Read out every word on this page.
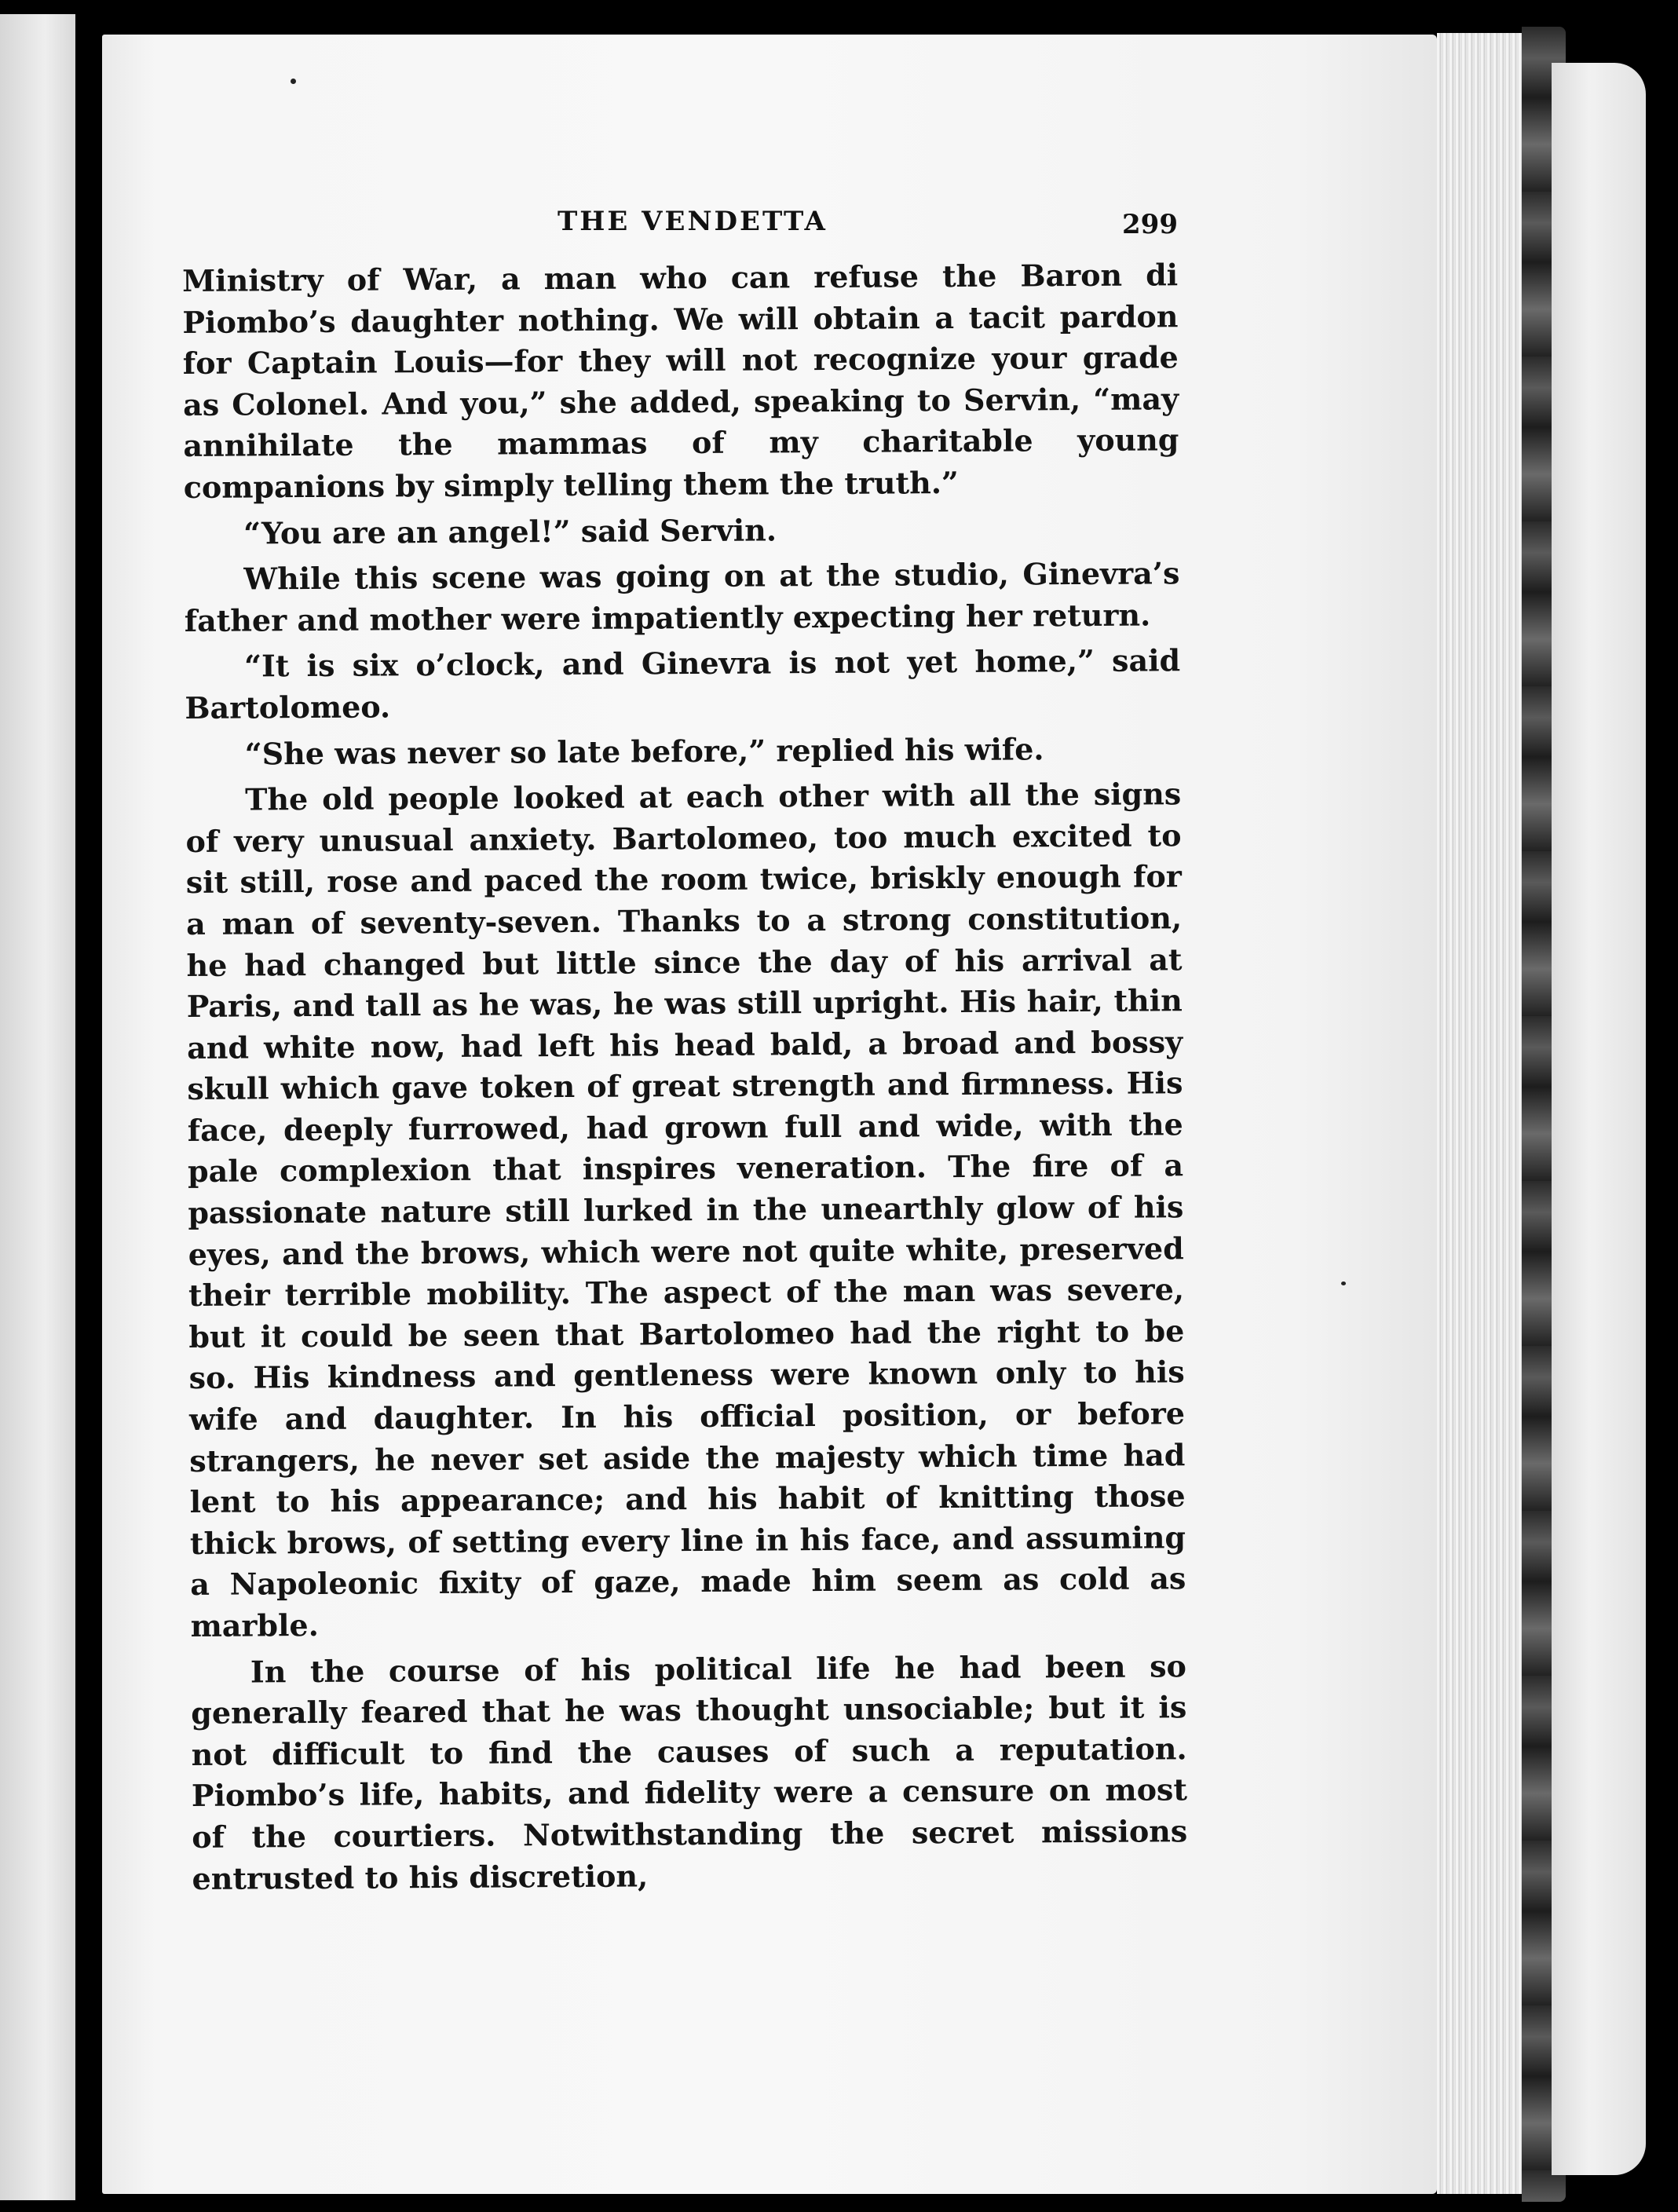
THE VENDETTA	299

Ministry of War, a man who can refuse the Baron di Piombo’s daughter nothing. We will obtain a tacit pardon for Captain Louis—for they will not recognize your grade as Colonel. And you,” she added, speaking to Servin, “may annihilate the mammas of my charitable young companions by simply telling them the truth.”

“You are an angel!” said Servin.

While this scene was going on at the studio, Ginevra’s father and mother were impatiently expecting her return.

“It is six o’clock, and Ginevra is not yet home,” said Bartolomeo.

“She was never so late before,” replied his wife.

The old people looked at each other with all the signs of very unusual anxiety. Bartolomeo, too much excited to sit still, rose and paced the room twice, briskly enough for a man of seventy-seven. Thanks to a strong constitution, he had changed but little since the day of his arrival at Paris, and tall as he was, he was still upright. His hair, thin and white now, had left his head bald, a broad and bossy skull which gave token of great strength and firmness. His face, deeply furrowed, had grown full and wide, with the pale complexion that inspires veneration. The fire of a passionate nature still lurked in the unearthly glow of his eyes, and the brows, which were not quite white, preserved their terrible mobility. The aspect of the man was severe, but it could be seen that Bartolomeo had the right to be so. His kindness and gentleness were known only to his wife and daughter. In his official position, or before strangers, he never set aside the majesty which time had lent to his appearance; and his habit of knitting those thick brows, of setting every line in his face, and assuming a Napoleonic fixity of gaze, made him seem as cold as marble.

In the course of his political life he had been so generally feared that he was thought unsociable; but it is not difficult to find the causes of such a reputation. Piombo’s life, habits, and fidelity were a censure on most of the courtiers. Notwithstanding the secret missions entrusted to his discretion,
